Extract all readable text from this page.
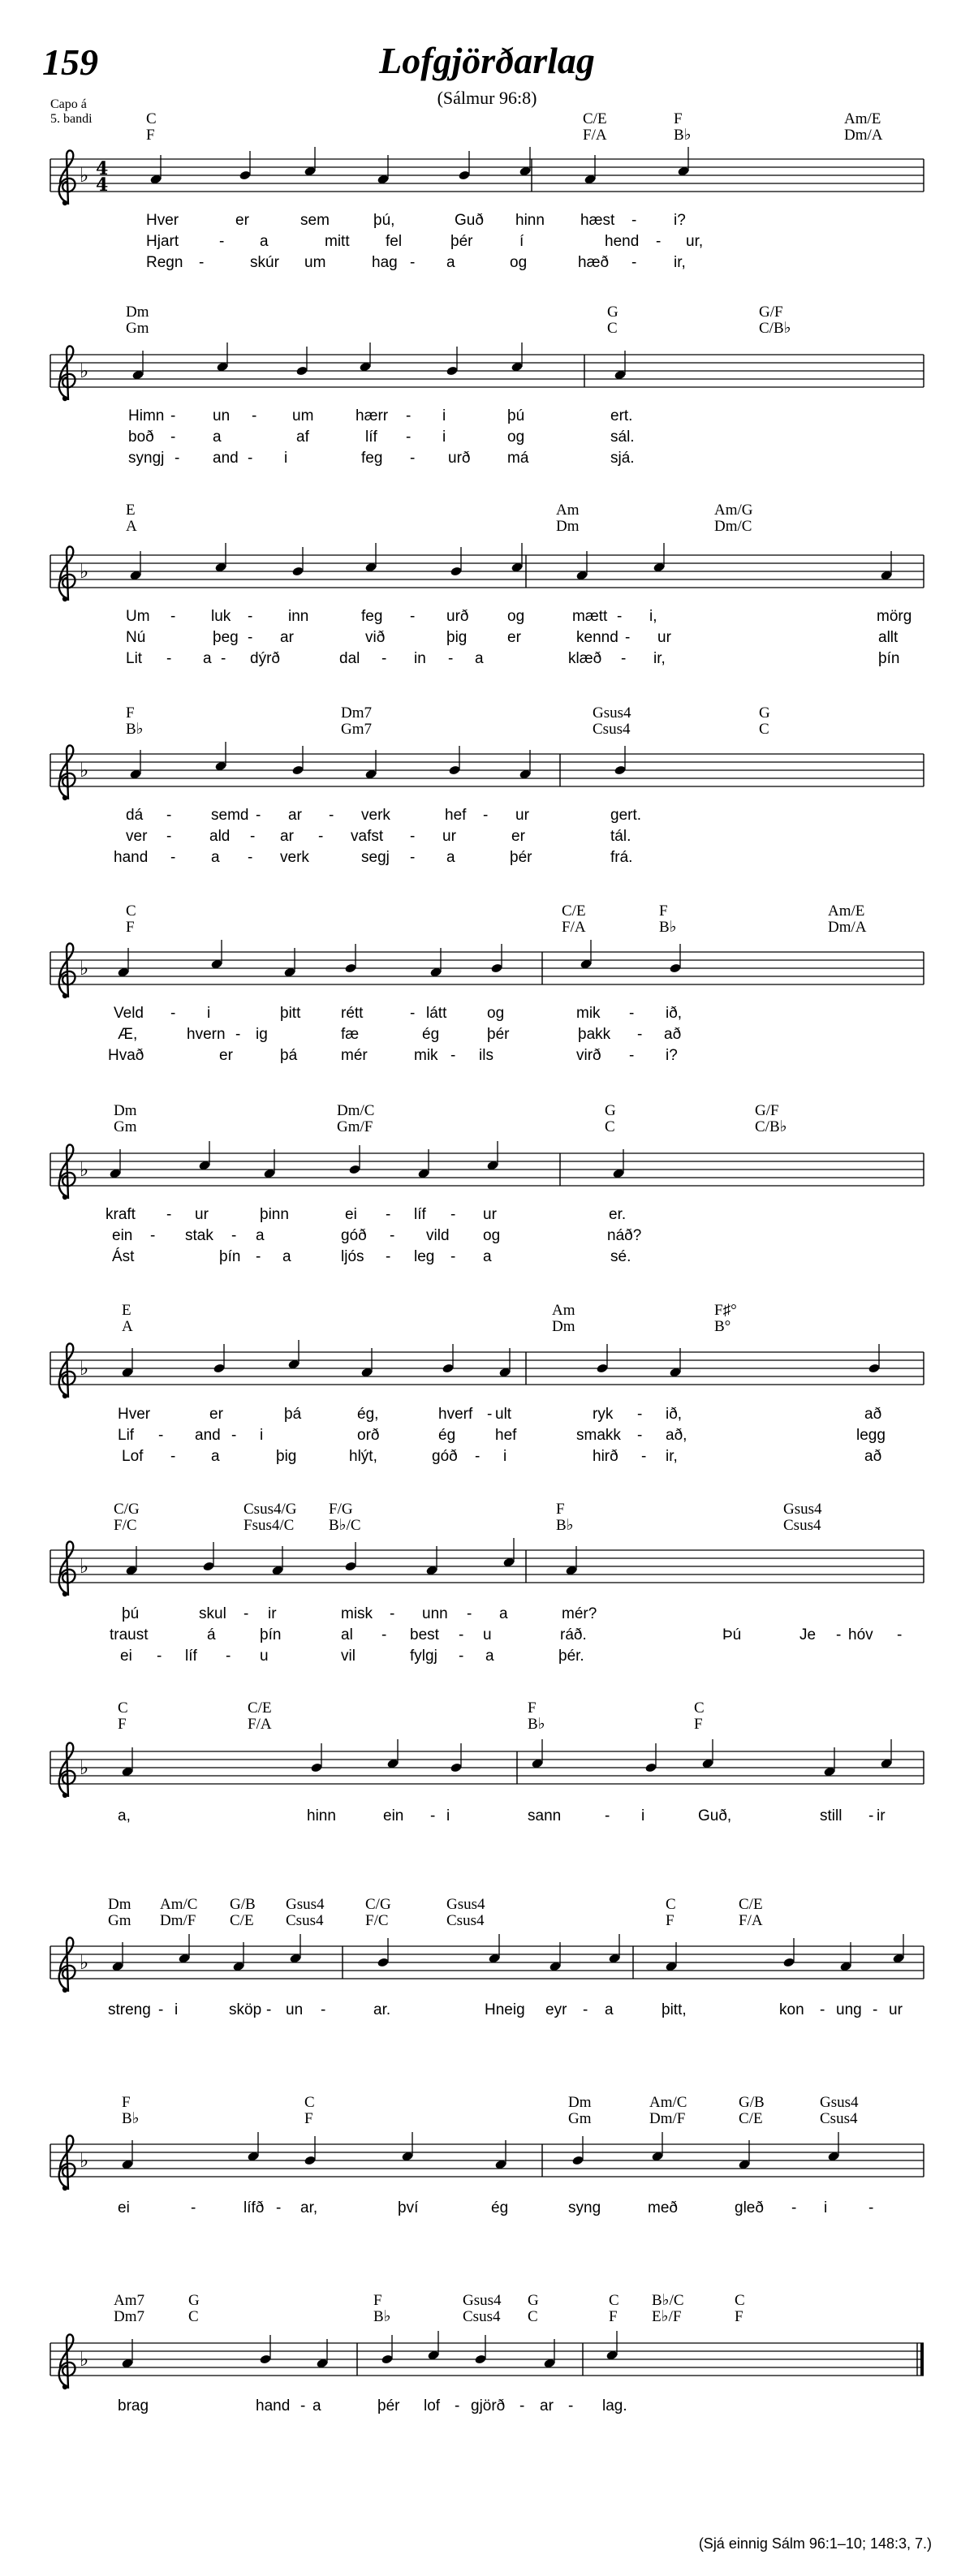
159	Lofgjörðarlag
(Sálmur 96:8)
Capo á
5. bandi
♭ 4
4
C	C/E	F	Am/E
F	F/A	B♭	Dm/A
Hver	er	sem	þú,	Guð hinn hæst - i?
Hjart	- a	mitt fel	þér	í	hend - ur,
Regn -	skúr um	hag - a	og	hæð - ir,
♭
Dm	G	G/F
Gm	C	C/B♭
Himn - un - um	hærr - i	þú	ert.
boð - a	af	líf - i	og	sál.
syngj - and - i	feg - urð má	sjá.
♭
E	Am	Am/G
A	Dm	Dm/C
Um - luk - inn	feg - urð	og	mætt - i,	mörg
Nú	þeg - ar	við	þig	er	kennd - ur	allt
Lit - a - dýrð	dal - in - a	klæð - ir,	þín
♭
F	Dm7	Gsus4	G
B♭	Gm7	Csus4	C
dá -	semd - ar - verk	hef - ur	gert.
ver - ald - ar - vafst - ur	er	tál.
hand - a - verk	segj - a	þér	frá.
♭
C	C/E	F	Am/E
F	F/A	B♭	Dm/A
Veld - i	þitt	rétt	- látt	og	mik - ið,
Æ,	hvern - ig	fæ	ég	þér	þakk - að
Hvað	er	þá	mér	mik - ils	virð - i?
♭
Dm	Dm/C	G	G/F
Gm	Gm/F	C	C/B♭
kraft - ur	þinn	ei - líf - ur	er.
ein - stak - a	góð - vild og	náð?
Ást	þín - a	ljós - leg - a	sé.
♭
E	Am	F♯°
A	Dm	B°
Hver	er	þá	ég,	hverf - ult	ryk - ið,	að
Lif - and - i	orð	ég	hef	smakk - að,	legg
Lof - a	þig	hlýt,	góð - i	hirð - ir,	að
♭
C/G	Csus4/G F/G	F	Gsus4
F/C	Fsus4/C B♭/C	B♭	Csus4
þú	skul - ir	misk - unn - a	mér?
traust	á	þín	al - best - u	ráð.	Þú	Je - hóv -
ei - líf - u	vil	fylgj - a	þér.
♭
C	C/E	F	C
F	F/A	B♭	F
a,	hinn	ein - i	sann	- i	Guð,	still - ir
♭
Dm Am/C G/B Gsus4	C/G	Gsus4	C	C/E
Gm Dm/F C/E Csus4	F/C	Csus4	F	F/A
streng - i	sköp - un -	ar.	Hneig eyr - a	þitt,	kon - ung - ur
♭
F	C	Dm	Am/C	G/B	Gsus4
B♭	F	Gm	Dm/F	C/E	Csus4
ei	-	lífð - ar,	því	ég	syng	með	gleð - i	-
♭
Am7	G	F	Gsus4 G	C B♭/C	C
Dm7	C	B♭	Csus4 C	F E♭/F	F
brag	hand - a	þér lof - gjörð - ar - lag.
(Sjá einnig Sálm 96:1–10; 148:3, 7.)
